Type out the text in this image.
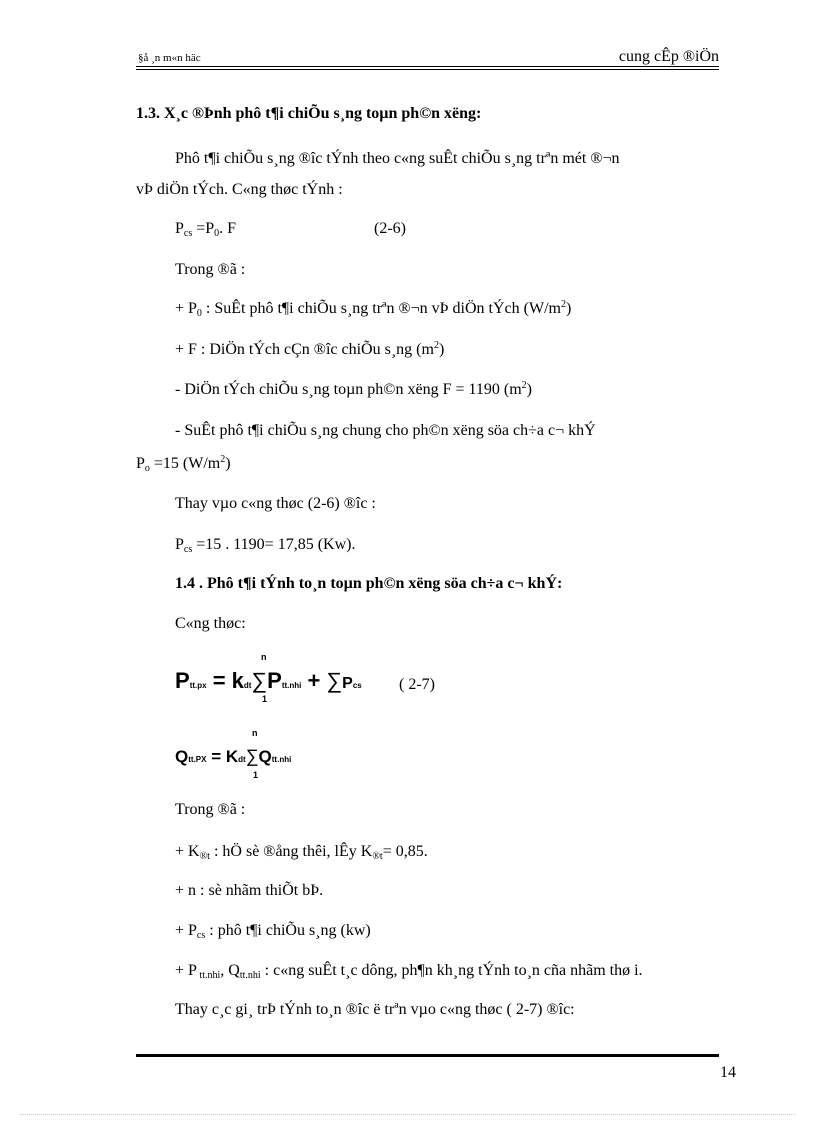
§å ¸n m«n häc	cung cÊp ®iÖn
1.3. X¸c ®Þnh phô t¶i chiÕu s¸ng toµn ph©n xëng:
Phô t¶i chiÕu s¸ng ®îc tÝnh theo c«ng suÊt chiÕu s¸ng trªn mét ®¬n
vÞ diÖn tÝch. C«ng thøc tÝnh :
$P_{cs} =P_0$. F	(2-6)
Trong ®ã :
+ $P_0$ : SuÊt phô t¶i chiÕu s¸ng trªn ®¬n vÞ diÖn tÝch $(W/m^2)$
+ F : DiÖn tÝch cÇn ®îc chiÕu s¸ng $(m^2)$
- DiÖn tÝch chiÕu s¸ng toµn ph©n xëng F = 1190 $(m^2)$
- SuÊt phô t¶i chiÕu s¸ng chung cho ph©n xëng söa ch÷a c¬ khÝ
$P_o =15$ $(W/m^2)$
Thay vµo c«ng thøc (2-6) ®îc :
$P_{cs} =15$ . 1190= 17,85 (Kw).
1.4 . Phô t¶i tÝnh to¸n toµn ph©n xëng söa ch÷a c¬ khÝ:
C«ng thøc:
n
1
Ptt.px = kdt∑Ptt.nhi + ∑Pcs ( 2-7)
n
1
Qtt.PX = Kdt∑Qtt.nhi
Trong ®ã :
+ $K_{®t}$ : hÖ sè ®ång thêi, lÊy $K_{®t}= 0,85$.
+ n : sè nhãm thiÕt bÞ.
+ $P_{cs}$ : phô t¶i chiÕu s¸ng (kw)
+ P $_{tt.nhi}$, $Q_{tt.nhi}$ : c«ng suÊt t¸c dông, ph¶n kh¸ng tÝnh to¸n cña nhãm thø i.
Thay c¸c gi¸ trÞ tÝnh to¸n ®îc ë trªn vµo c«ng thøc ( 2-7) ®îc:
14
